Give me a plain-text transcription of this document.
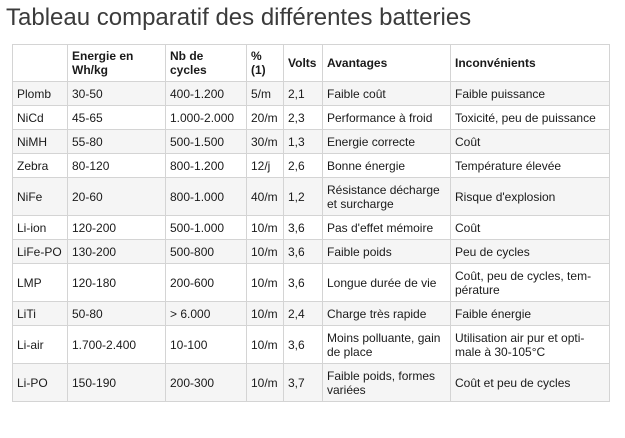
Tableau comparatif des différentes batteries
	Energie en Wh/kg	Nb de cycles	% (1)	Volts	Avantages	Inconvénients
Plomb	30-50	400-1.200	5/m	2,1	Faible coût	Faible puissance
NiCd	45-65	1.000-2.000	20/m	2,3	Performance à froid	Toxicité, peu de puissance
NiMH	55-80	500-1.500	30/m	1,3	Energie correcte	Coût
Zebra	80-120	800-1.200	12/j	2,6	Bonne énergie	Température élevée
NiFe	20-60	800-1.000	40/m	1,2	Résistance décharge et surcharge	Risque d'explosion
Li-ion	120-200	500-1.000	10/m	3,6	Pas d'effet mémoire	Coût
LiFe-PO	130-200	500-800	10/m	3,6	Faible poids	Peu de cycles
LMP	120-180	200-600	10/m	3,6	Longue durée de vie	Coût, peu de cycles, tem-pérature
LiTi	50-80	> 6.000	10/m	2,4	Charge très rapide	Faible énergie
Li-air	1.700-2.400	10-100	10/m	3,6	Moins polluante, gain de place	Utilisation air pur et opti-male à 30-105°C
Li-PO	150-190	200-300	10/m	3,7	Faible poids, formes variées	Coût et peu de cycles
